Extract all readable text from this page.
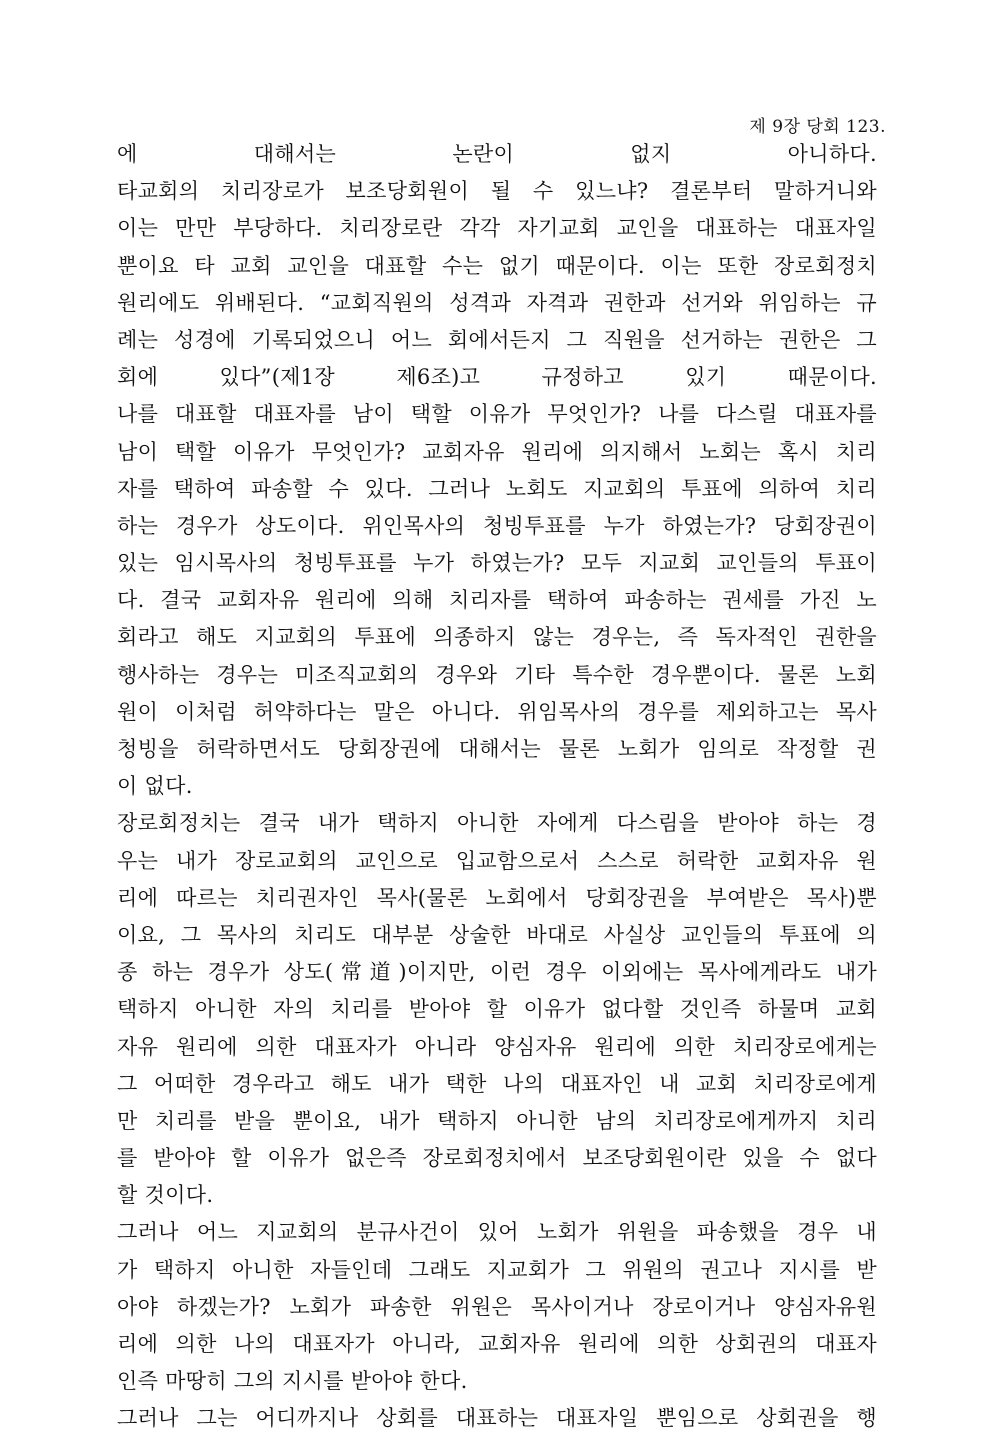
제 9장 당회 123.
에 대해서는 논란이 없지 아니하다.
타교회의 치리장로가 보조당회원이 될 수 있느냐? 결론부터 말하거니와
이는 만만 부당하다. 치리장로란 각각 자기교회 교인을 대표하는 대표자일
뿐이요 타 교회 교인을 대표할 수는 없기 때문이다. 이는 또한 장로회정치
원리에도 위배된다. “교회직원의 성격과 자격과 권한과 선거와 위임하는 규
례는 성경에 기록되었으니 어느 회에서든지 그 직원을 선거하는 권한은 그
회에 있다”(제1장 제6조)고 규정하고 있기 때문이다.
나를 대표할 대표자를 남이 택할 이유가 무엇인가? 나를 다스릴 대표자를
남이 택할 이유가 무엇인가? 교회자유 원리에 의지해서 노회는 혹시 치리
자를 택하여 파송할 수 있다. 그러나 노회도 지교회의 투표에 의하여 치리
하는 경우가 상도이다. 위인목사의 청빙투표를 누가 하였는가? 당회장권이
있는 임시목사의 청빙투표를 누가 하였는가? 모두 지교회 교인들의 투표이
다. 결국 교회자유 원리에 의해 치리자를 택하여 파송하는 권세를 가진 노
회라고 해도 지교회의 투표에 의종하지 않는 경우는, 즉 독자적인 권한을
행사하는 경우는 미조직교회의 경우와 기타 특수한 경우뿐이다. 물론 노회
원이 이처럼 허약하다는 말은 아니다. 위임목사의 경우를 제외하고는 목사
청빙을 허락하면서도 당회장권에 대해서는 물론 노회가 임의로 작정할 권
이 없다.
장로회정치는 결국 내가 택하지 아니한 자에게 다스림을 받아야 하는 경
우는 내가 장로교회의 교인으로 입교함으로서 스스로 허락한 교회자유 원
리에 따르는 치리권자인 목사(물론 노회에서 당회장권을 부여받은 목사)뿐
이요, 그 목사의 치리도 대부분 상술한 바대로 사실상 교인들의 투표에 의
종 하는 경우가 상도(常道)이지만, 이런 경우 이외에는 목사에게라도 내가
택하지 아니한 자의 치리를 받아야 할 이유가 없다할 것인즉 하물며 교회
자유 원리에 의한 대표자가 아니라 양심자유 원리에 의한 치리장로에게는
그 어떠한 경우라고 해도 내가 택한 나의 대표자인 내 교회 치리장로에게
만 치리를 받을 뿐이요, 내가 택하지 아니한 남의 치리장로에게까지 치리
를 받아야 할 이유가 없은즉 장로회정치에서 보조당회원이란 있을 수 없다
할 것이다.
그러나 어느 지교회의 분규사건이 있어 노회가 위원을 파송했을 경우 내
가 택하지 아니한 자들인데 그래도 지교회가 그 위원의 권고나 지시를 받
아야 하겠는가? 노회가 파송한 위원은 목사이거나 장로이거나 양심자유원
리에 의한 나의 대표자가 아니라, 교회자유 원리에 의한 상회권의 대표자
인즉 마땅히 그의 지시를 받아야 한다.
그러나 그는 어디까지나 상회를 대표하는 대표자일 뿐임으로 상회권을 행
